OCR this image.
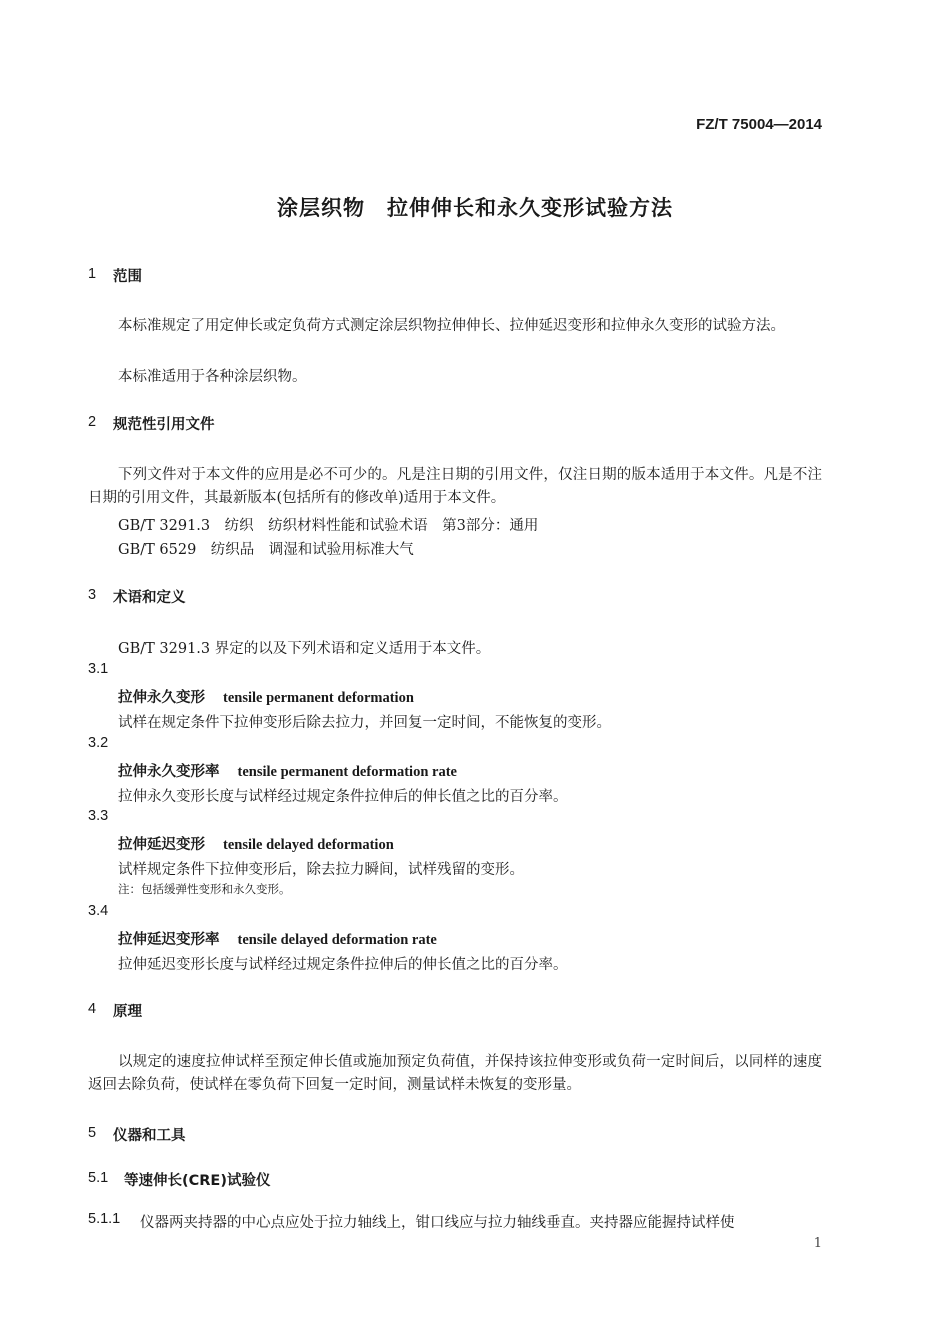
FZ/T 75004—2014
涂层织物　拉伸伸长和永久变形试验方法
1 范围
本标准规定了用定伸长或定负荷方式测定涂层织物拉伸伸长、拉伸延迟变形和拉伸永久变形的试验方法。
本标准适用于各种涂层织物。
2 规范性引用文件
下列文件对于本文件的应用是必不可少的。凡是注日期的引用文件，仅注日期的版本适用于本文件。凡是不注日期的引用文件，其最新版本(包括所有的修改单)适用于本文件。
GB/T 3291.3　纺织　纺织材料性能和试验术语　第3部分：通用
GB/T 6529　纺织品　调湿和试验用标准大气
3 术语和定义
GB/T 3291.3 界定的以及下列术语和定义适用于本文件。
3.1
拉伸永久变形 tensile permanent deformation
试样在规定条件下拉伸变形后除去拉力，并回复一定时间，不能恢复的变形。
3.2
拉伸永久变形率 tensile permanent deformation rate
拉伸永久变形长度与试样经过规定条件拉伸后的伸长值之比的百分率。
3.3
拉伸延迟变形 tensile delayed deformation
试样规定条件下拉伸变形后，除去拉力瞬间，试样残留的变形。
注：包括缓弹性变形和永久变形。
3.4
拉伸延迟变形率 tensile delayed deformation rate
拉伸延迟变形长度与试样经过规定条件拉伸后的伸长值之比的百分率。
4 原理
以规定的速度拉伸试样至预定伸长值或施加预定负荷值，并保持该拉伸变形或负荷一定时间后，以同样的速度返回去除负荷，使试样在零负荷下回复一定时间，测量试样未恢复的变形量。
5 仪器和工具
5.1 等速伸长(CRE)试验仪
5.1.1 仪器两夹持器的中心点应处于拉力轴线上，钳口线应与拉力轴线垂直。夹持器应能握持试样使
1
